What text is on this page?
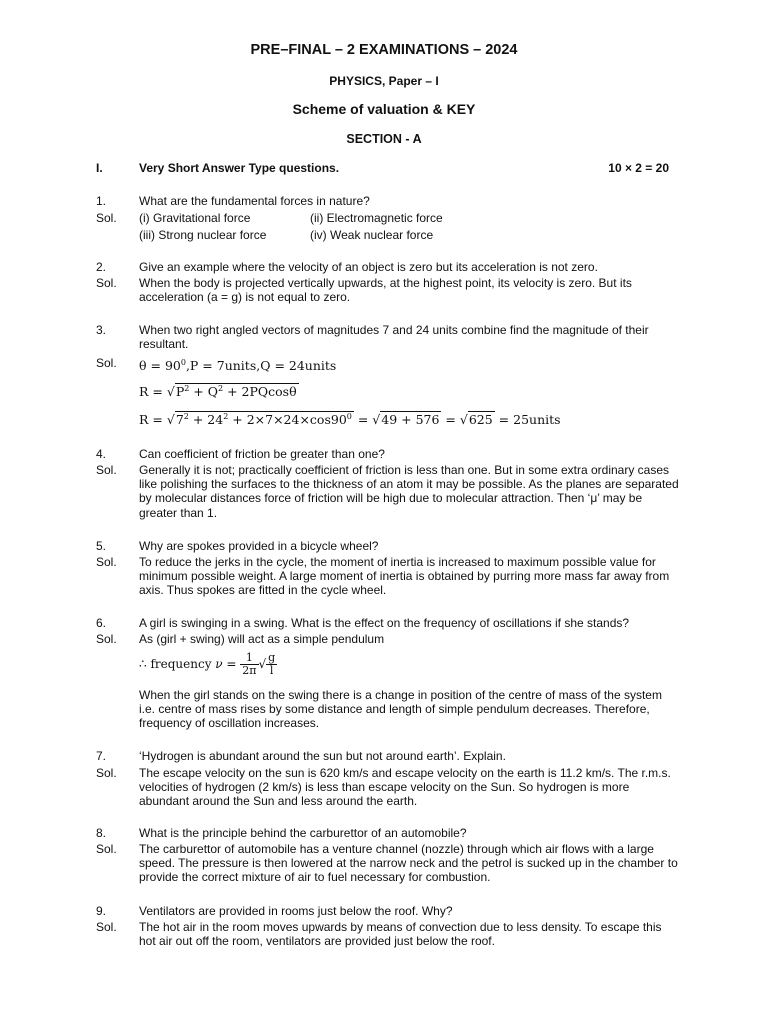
PRE–FINAL – 2 EXAMINATIONS – 2024
PHYSICS, Paper – I
Scheme of valuation & KEY
SECTION - A
I.	Very Short Answer Type questions.	10 × 2 = 20
1.	What are the fundamental forces in nature?
Sol. (i) Gravitational force	(ii) Electromagnetic force
(iii) Strong nuclear force	(iv) Weak nuclear force
2.	Give an example where the velocity of an object is zero but its acceleration is not zero.
Sol. When the body is projected vertically upwards, at the highest point, its velocity is zero. But its acceleration (a = g) is not equal to zero.
3.	When two right angled vectors of magnitudes 7 and 24 units combine find the magnitude of their resultant.
Sol. $\theta = 90^0,P$ = 7units,Q = 24units
$R = √P^2 + Q^2 + 2PQcos\theta$
$R = √7^2 + 24^2 + 2\times 7\times 24\times\cos 90^0 = √49 + 576 = √625$ = 25units
4.	Can coefficient of friction be greater than one?
Sol. Generally it is not; practically coefficient of friction is less than one. But in some extra ordinary cases like polishing the surfaces to the thickness of an atom it may be possible. As the planes are separated by molecular distances force of friction will be high due to molecular attraction. Then ‘μ’ may be greater than 1.
5.	Why are spokes provided in a bicycle wheel?
Sol. To reduce the jerks in the cycle, the moment of inertia is increased to maximum possible value for minimum possible weight. A large moment of inertia is obtained by purring more mass far away from axis. Thus spokes are fitted in the cycle wheel.
6.	A girl is swinging in a swing. What is the effect on the frequency of oscillations if she stands?
Sol. As (girl + swing) will act as a simple pendulum
∴ frequency $\nu = \frac{1}{2\pi}$ √ $\frac{g}{l}$
When the girl stands on the swing there is a change in position of the centre of mass of the system i.e. centre of mass rises by some distance and length of simple pendulum decreases. Therefore, frequency of oscillation increases.
7.	‘Hydrogen is abundant around the sun but not around earth’. Explain.
Sol. The escape velocity on the sun is 620 km/s and escape velocity on the earth is 11.2 km/s. The r.m.s. velocities of hydrogen (2 km/s) is less than escape velocity on the Sun. So hydrogen is more abundant around the Sun and less around the earth.
8.	What is the principle behind the carburettor of an automobile?
Sol. The carburettor of automobile has a venture channel (nozzle) through which air flows with a large speed. The pressure is then lowered at the narrow neck and the petrol is sucked up in the chamber to provide the correct mixture of air to fuel necessary for combustion.
9.	Ventilators are provided in rooms just below the roof. Why?
Sol. The hot air in the room moves upwards by means of convection due to less density. To escape this hot air out off the room, ventilators are provided just below the roof.
